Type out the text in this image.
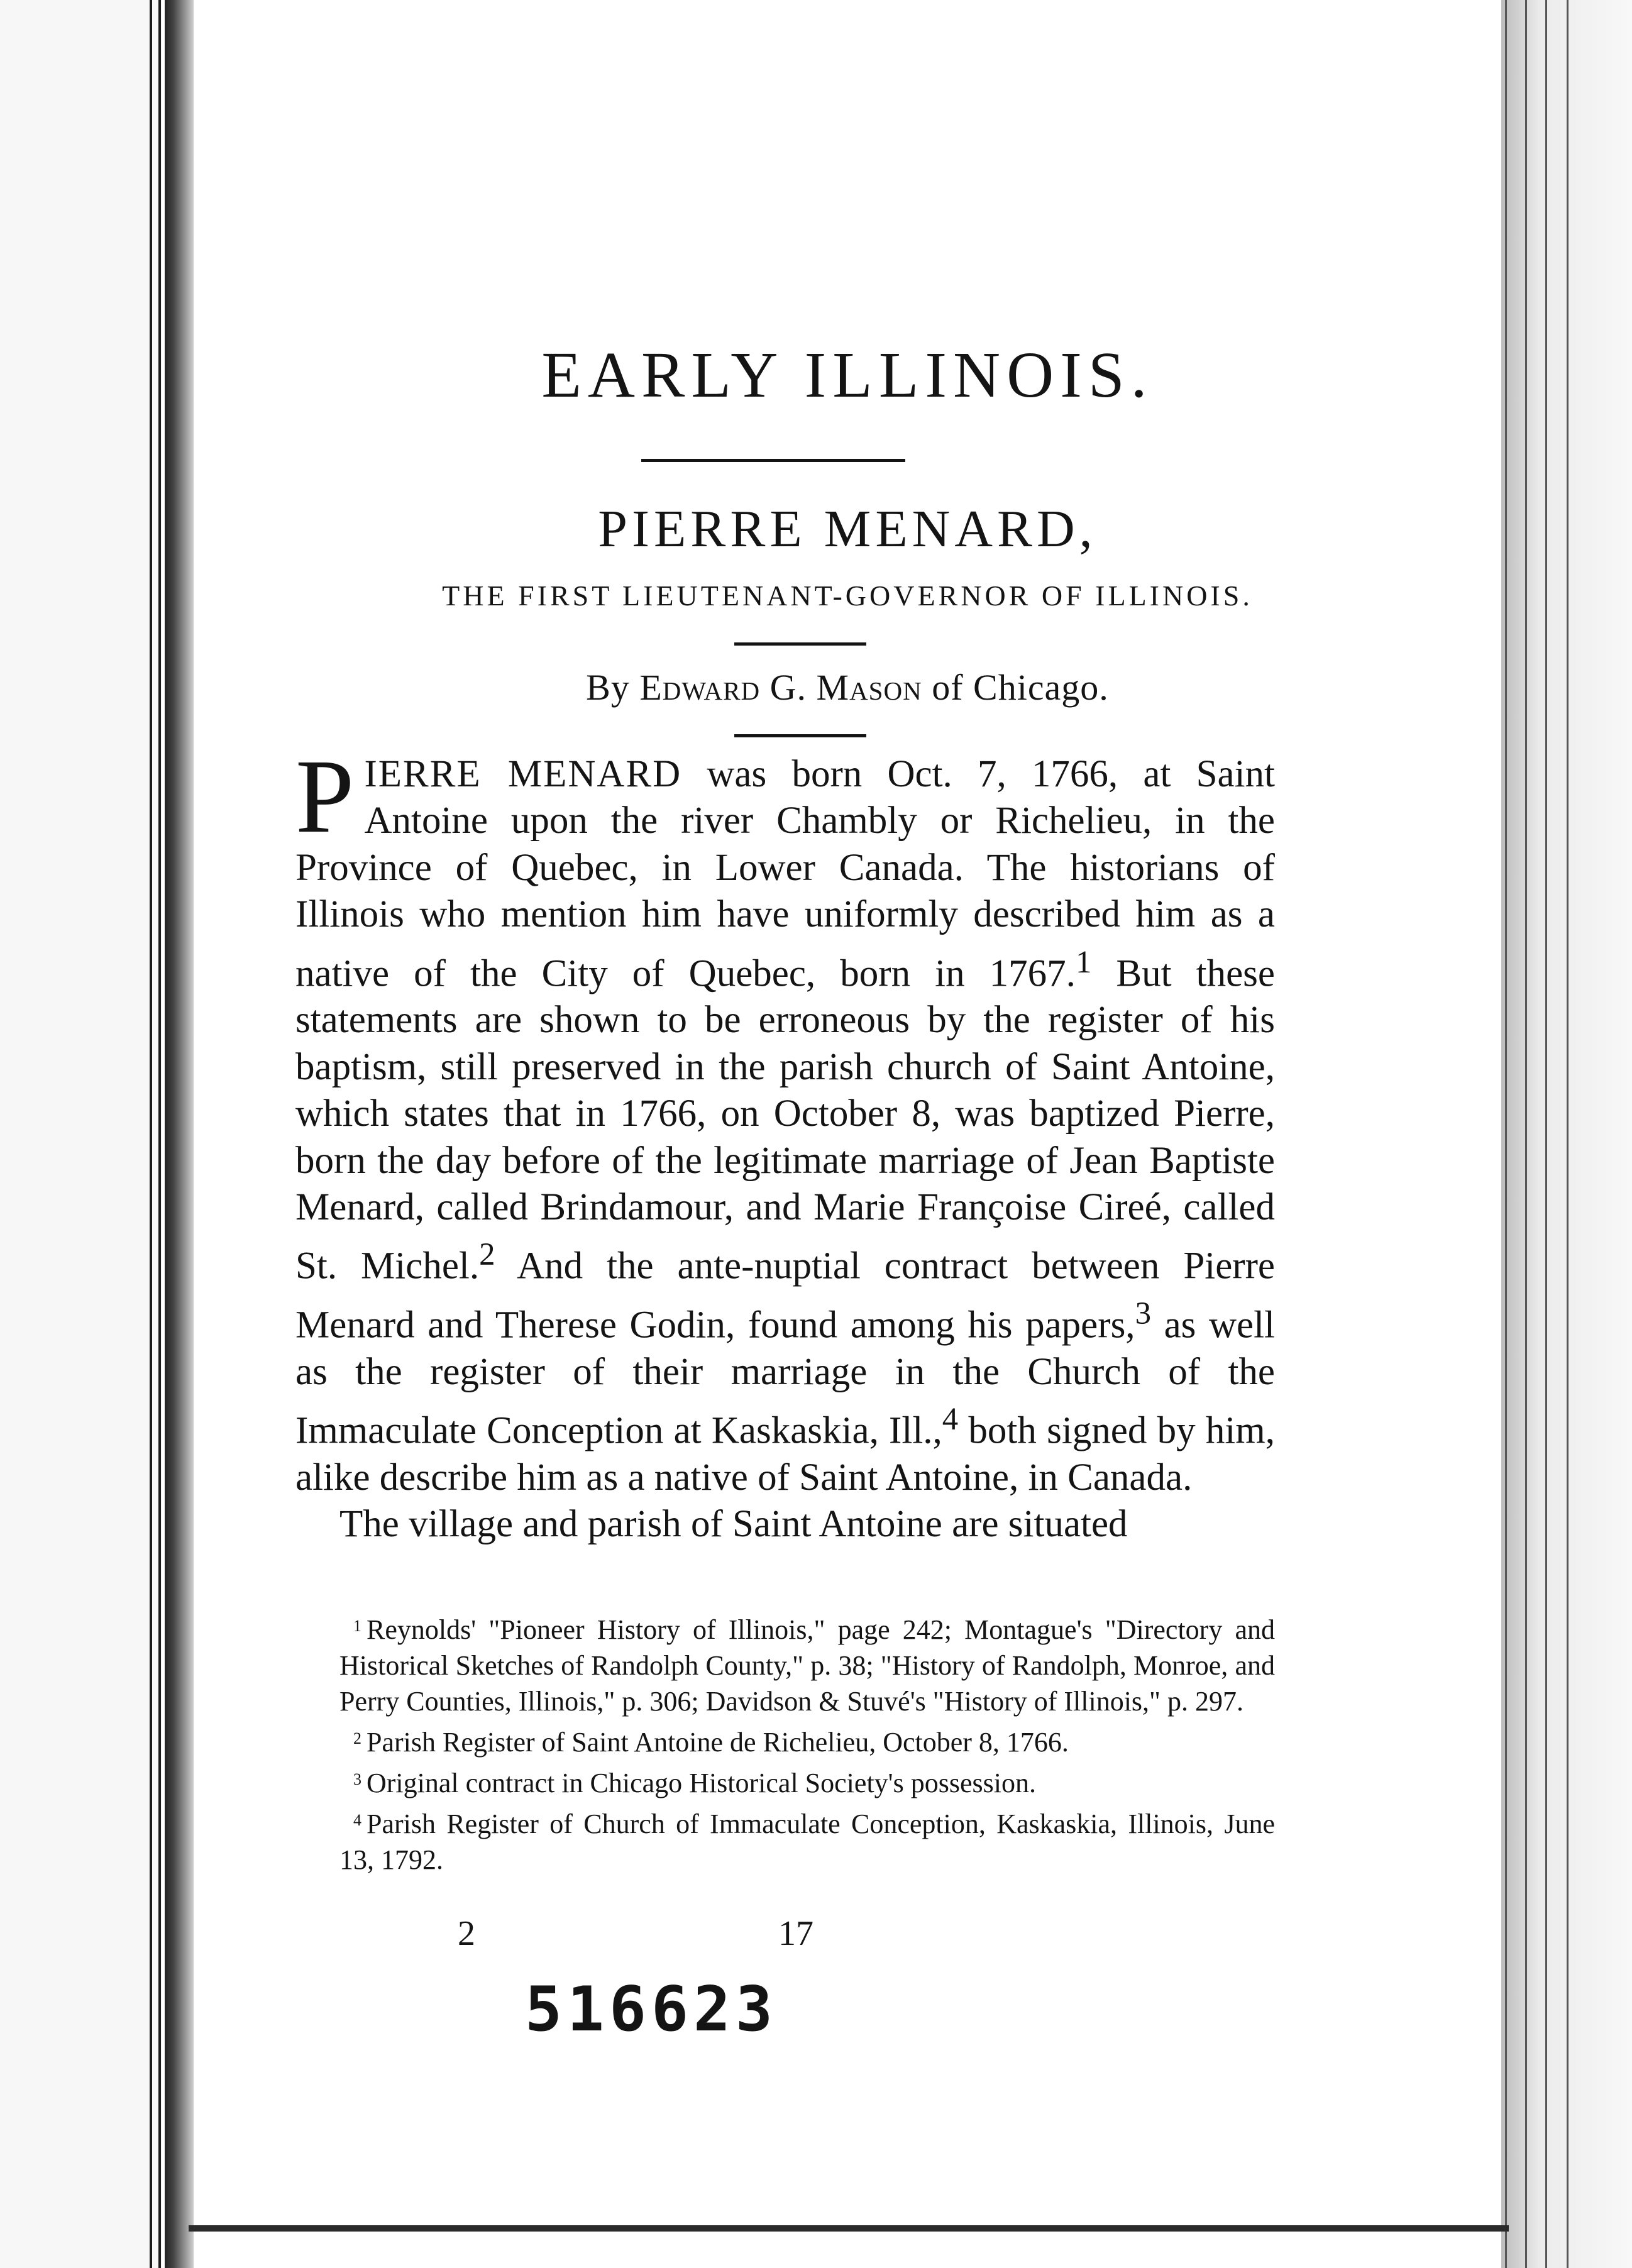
EARLY ILLINOIS.
PIERRE MENARD,
THE FIRST LIEUTENANT-GOVERNOR OF ILLINOIS.
By Edward G. Mason of Chicago.

PIERRE MENARD was born Oct. 7, 1766, at Saint Antoine upon the river Chambly or Richelieu, in the Province of Quebec, in Lower Canada. The historians of Illinois who mention him have uniformly described him as a native of the City of Quebec, born in 1767.$^1$ But these statements are shown to be erroneous by the register of his baptism, still preserved in the parish church of Saint Antoine, which states that in 1766, on October 8, was baptized Pierre, born the day before of the legitimate marriage of Jean Baptiste Menard, called Brindamour, and Marie Françoise Cireé, called St. Michel.$^2$ And the ante-nuptial contract between Pierre Menard and Therese Godin, found among his papers,$^3$ as well as the register of their marriage in the Church of the Immaculate Conception at Kaskaskia, Ill.,$^4$ both signed by him, alike describe him as a native of Saint Antoine, in Canada.

The village and parish of Saint Antoine are situated

$^1$ Reynolds' "Pioneer History of Illinois," page 242; Montague's "Directory and Historical Sketches of Randolph County," p. 38; "History of Randolph, Monroe, and Perry Counties, Illinois," p. 306; Davidson & Stuvé's "History of Illinois," p. 297.

$^2$ Parish Register of Saint Antoine de Richelieu, October 8, 1766.

$^3$ Original contract in Chicago Historical Society's possession.

$^4$ Parish Register of Church of Immaculate Conception, Kaskaskia, Illinois, June 13, 1792.

2	17
516623
